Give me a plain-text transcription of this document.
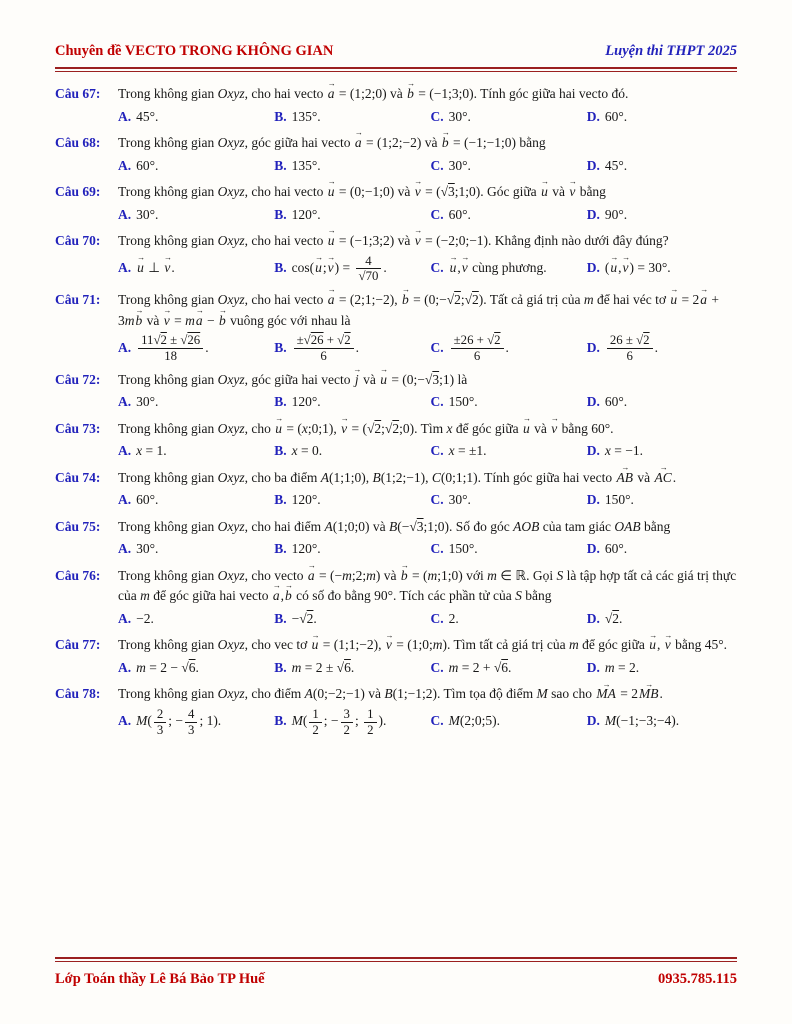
Chuyên đề VECTO TRONG KHÔNG GIAN	Luyện thi THPT 2025
Câu 67:	Trong không gian Oxyz, cho hai vecto a → = (1;2;0) và b → = (−1;3;0). Tính góc giữa hai vecto đó.
A. 45°.	B. 135°.	C. 30°.	D. 60°.
Câu 68:	Trong không gian Oxyz, góc giữa hai vecto a → = (1;2;−2) và b → = (−1;−1;0) bằng
A. 60°.	B. 135°.	C. 30°.	D. 45°.
Câu 69:	Trong không gian Oxyz, cho hai vecto u → = (0;−1;0) và v → = (√3;1;0). Góc giữa u → và v → bằng
A. 30°.	B. 120°.	C. 60°.	D. 90°.
Câu 70:	Trong không gian Oxyz, cho hai vecto u → = (−1;3;2) và v → = (−2;0;−1). Khẳng định nào dưới đây đúng?
A. u → ⊥ v →.	B. cos(u →;v →) = $\frac{4}{√70}$ .	C. u →,v → cùng phương.	D. (u →,v →) = 30°.
Câu 71:	Trong không gian Oxyz, cho hai vecto a → = (2;1;−2), b → = (0;−√2;√2). Tất cả giá trị của m để hai véc tơ u → = 2a → + 3mb → và v → = ma → − b → vuông góc với nhau là
A. $\frac{11√2 \pm √26}{18}$ .	B. $\frac{\pm√26 + √2}{6}$ .	C. $\frac{\pm 26 + √2}{6}$ .	D. $\frac{26 \pm √2}{6}$ .
Câu 72:	Trong không gian Oxyz, góc giữa hai vecto j → và u → = (0;−√3;1) là
A. 30°.	B. 120°.	C. 150°.	D. 60°.
Câu 73:	Trong không gian Oxyz, cho u → = (x;0;1), v → = (√2;√2;0). Tìm x để góc giữa u → và v → bằng 60°.
A. x = 1.	B. x = 0.	C. x = ±1.	D. x = −1.
Câu 74:	Trong không gian Oxyz, cho ba điểm A(1;1;0), B(1;2;−1), C(0;1;1). Tính góc giữa hai vecto AB → và AC →.
A. 60°.	B. 120°.	C. 30°.	D. 150°.
Câu 75:	Trong không gian Oxyz, cho hai điểm A(1;0;0) và B(−√3;1;0). Số đo góc AOB của tam giác OAB bằng
A. 30°.	B. 120°.	C. 150°.	D. 60°.
Câu 76:	Trong không gian Oxyz, cho vecto a → = (−m;2;m) và b → = (m;1;0) với m ∈ ℝ. Gọi S là tập hợp tất cả các giá trị thực của m để góc giữa hai vecto a →,b → có số đo bằng 90°. Tích các phần tử của S bằng
A. −2.	B. −√2.	C. 2.	D. √2.
Câu 77:	Trong không gian Oxyz, cho vec tơ u → = (1;1;−2), v → = (1;0;m). Tìm tất cả giá trị của m để góc giữa u →, v → bằng 45°.
A. m = 2 − √6.	B. m = 2 ± √6.	C. m = 2 + √6.	D. m = 2.
Câu 78:	Trong không gian Oxyz, cho điểm A(0;−2;−1) và B(1;−1;2). Tìm tọa độ điểm M sao cho MA → = 2MB →.
A. $M( \frac{2}{3}$ ; − $\frac{4}{3}$ ; 1).	B. $M( \frac{1}{2}$ ; − $\frac{3}{2}$ ; $\frac{1}{2}$ ).	C. M(2;0;5).	D. M(−1;−3;−4).
Lớp Toán thầy Lê Bá Bảo TP Huế	0935.785.115
